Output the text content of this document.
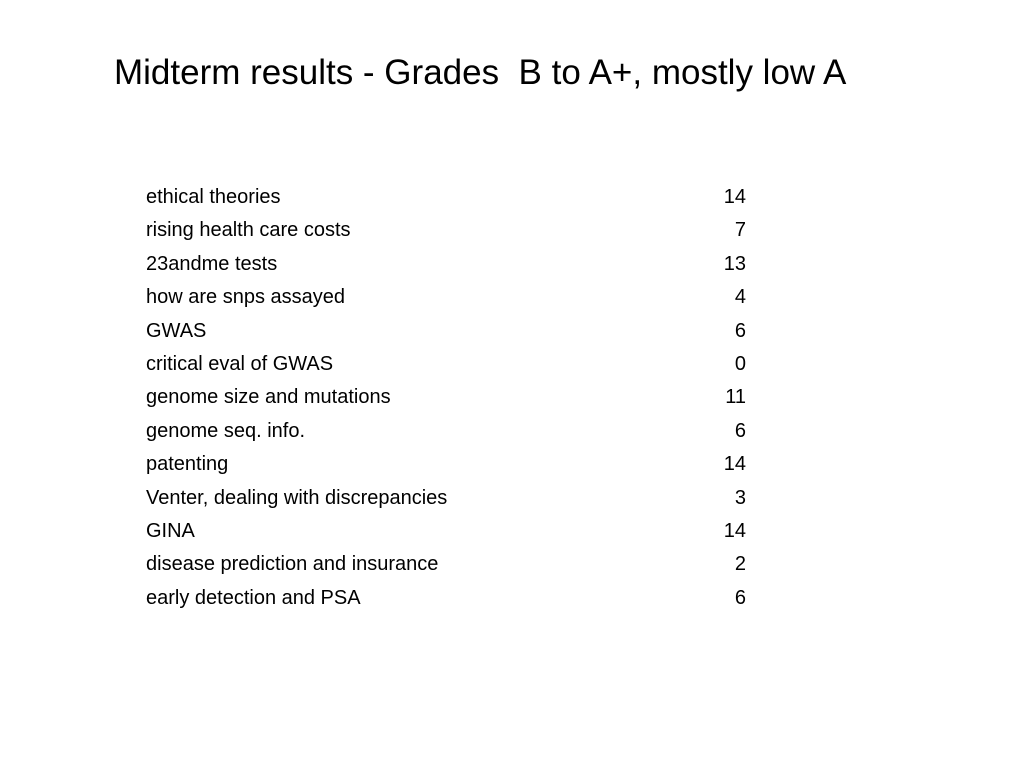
Midterm results - Grades  B to A+, mostly low A
ethical theories	14
rising health care costs	7
23andme tests	13
how are snps assayed	4
GWAS	6
critical eval of GWAS	0
genome size and mutations	11
genome seq. info.	6
patenting	14
Venter, dealing with discrepancies	3
GINA	14
disease prediction and insurance	2
early detection and PSA	6
